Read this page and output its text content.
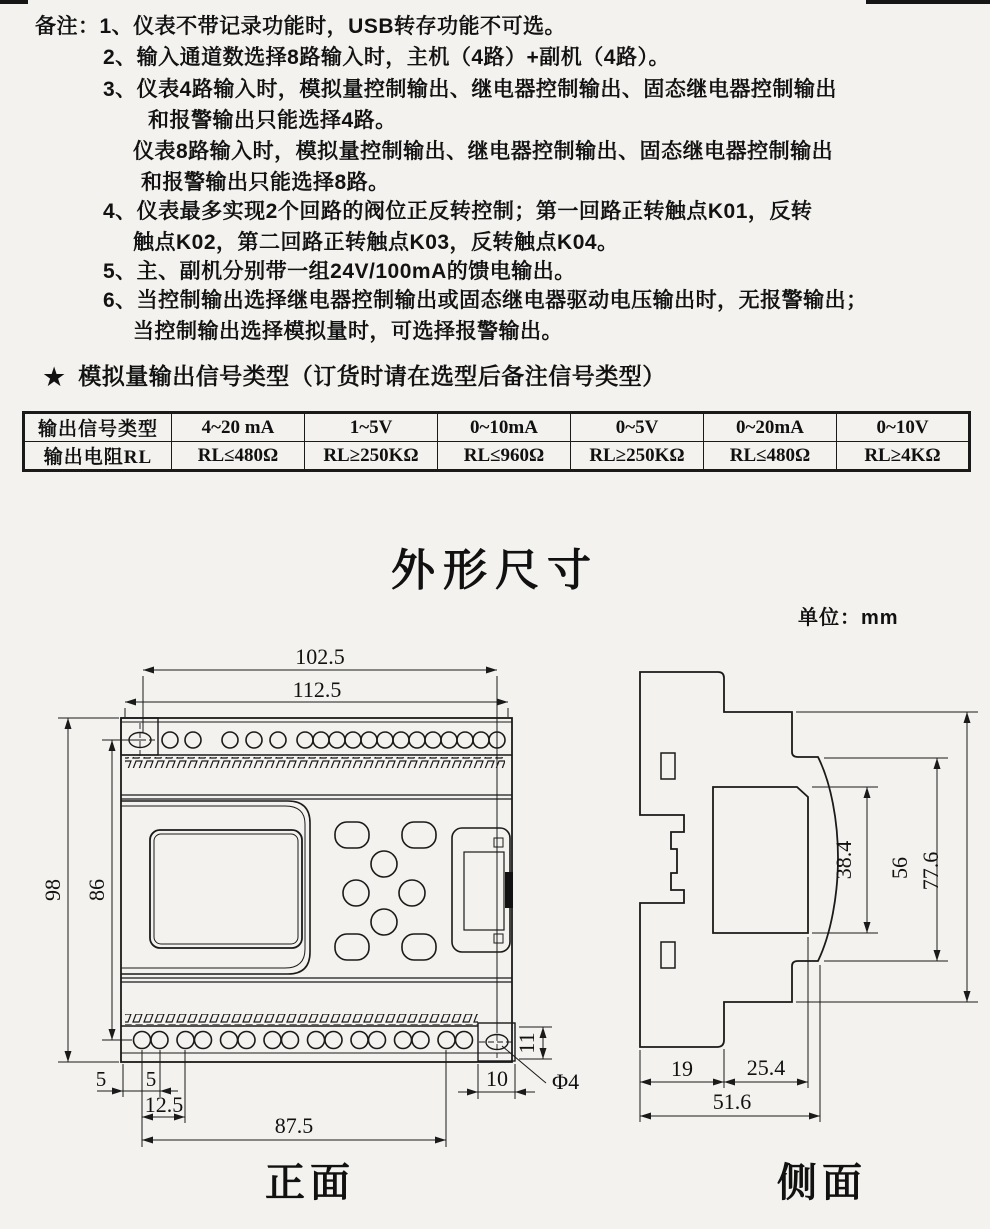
备注：1、仪表不带记录功能时，USB转存功能不可选。
2、输入通道数选择8路输入时，主机（4路）+副机（4路）。
3、仪表4路输入时，模拟量控制输出、继电器控制输出、固态继电器控制输出
和报警输出只能选择4路。
仪表8路输入时，模拟量控制输出、继电器控制输出、固态继电器控制输出
和报警输出只能选择8路。
4、仪表最多实现2个回路的阀位正反转控制；第一回路正转触点K01，反转
触点K02，第二回路正转触点K03，反转触点K04。
5、主、副机分别带一组24V/100mA的馈电输出。
6、当控制输出选择继电器控制输出或固态继电器驱动电压输出时，无报警输出；
当控制输出选择模拟量时，可选择报警输出。
★ 模拟量输出信号类型（订货时请在选型后备注信号类型）
输出信号类型	4~20 mA	1~5V	0~10mA	0~5V	0~20mA	0~10V
输出电阻RL	RL≤480Ω	RL≥250KΩ	RL≤960Ω	RL≥250KΩ	RL≤480Ω	RL≥4KΩ
外形尺寸
单位：mm
102.5
112.5
98 86
5 5
12.5
87.5
10
11
Φ4
正面
38.4 56 77.6
19 25.4
51.6
侧面
